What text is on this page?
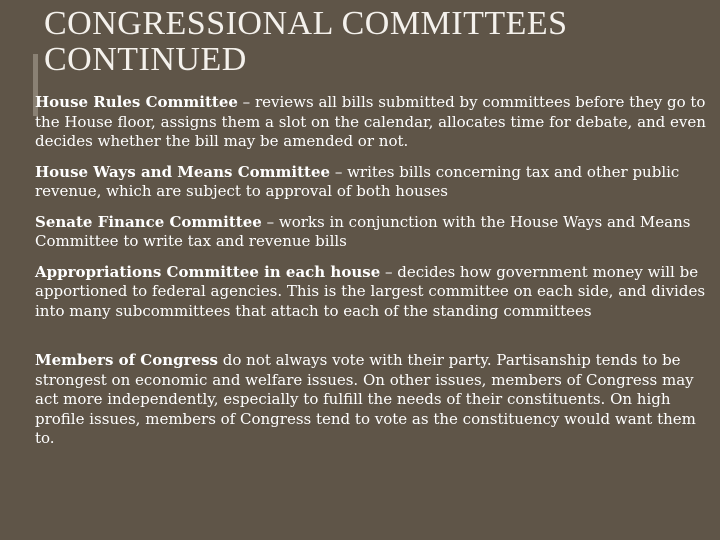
CONGRESSIONAL COMMITTEES
CONTINUED

House Rules Committee – reviews all bills submitted by committees before they go to the House floor, assigns them a slot on the calendar, allocates time for debate, and even decides whether the bill may be amended or not.

House Ways and Means Committee – writes bills concerning tax and other public revenue, which are subject to approval of both houses

Senate Finance Committee – works in conjunction with the House Ways and Means Committee to write tax and revenue bills

Appropriations Committee in each house – decides how government money will be apportioned to federal agencies. This is the largest committee on each side, and divides into many subcommittees that attach to each of the standing committees

Members of Congress do not always vote with their party. Partisanship tends to be strongest on economic and welfare issues. On other issues, members of Congress may act more independently, especially to fulfill the needs of their constituents. On high profile issues, members of Congress tend to vote as the constituency would want them to.
